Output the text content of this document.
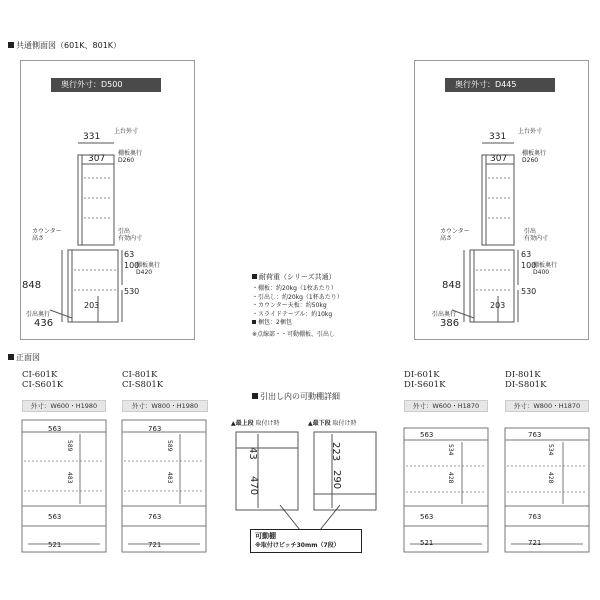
共通側面図（601K、801K）
奥行外寸：D500	奥行外寸：D445
331
上台外寸
307
棚板奥行
D260
カウンター
高さ
引出
有効内寸
63
100
棚板奥行
D420
848
530
203
引出奥行
436
331
上台外寸
307
棚板奥行
D260
カウンター
高さ
引出
有効内寸
63
100
棚板奥行
D400
848
530
203
引出奥行
386
耐荷重（シリーズ共通）
・棚板：約20kg（1枚あたり）
・引出し：約20kg（1杯あたり）
・カウンター天板：約50kg
・スライドテーブル：約10kg
梱包：2梱包
※点線部・・可動棚板、引出し
正面図
CI-601K
CI-S601K
外寸：W600・H1980
563
589
483
563
521
CI-801K
CI-S801K
外寸：W800・H1980
763
589
483
763
721
引出し内の可動棚詳細
▲最上段 取付け時	▲最下段 取付け時
43
470
223
290
可動棚
※取付けピッチ30mm（7段）
DI-601K
DI-S601K
外寸：W600・H1870
563
534
428
563
521
DI-801K
DI-S801K
外寸：W800・H1870
763
534
428
763
721
